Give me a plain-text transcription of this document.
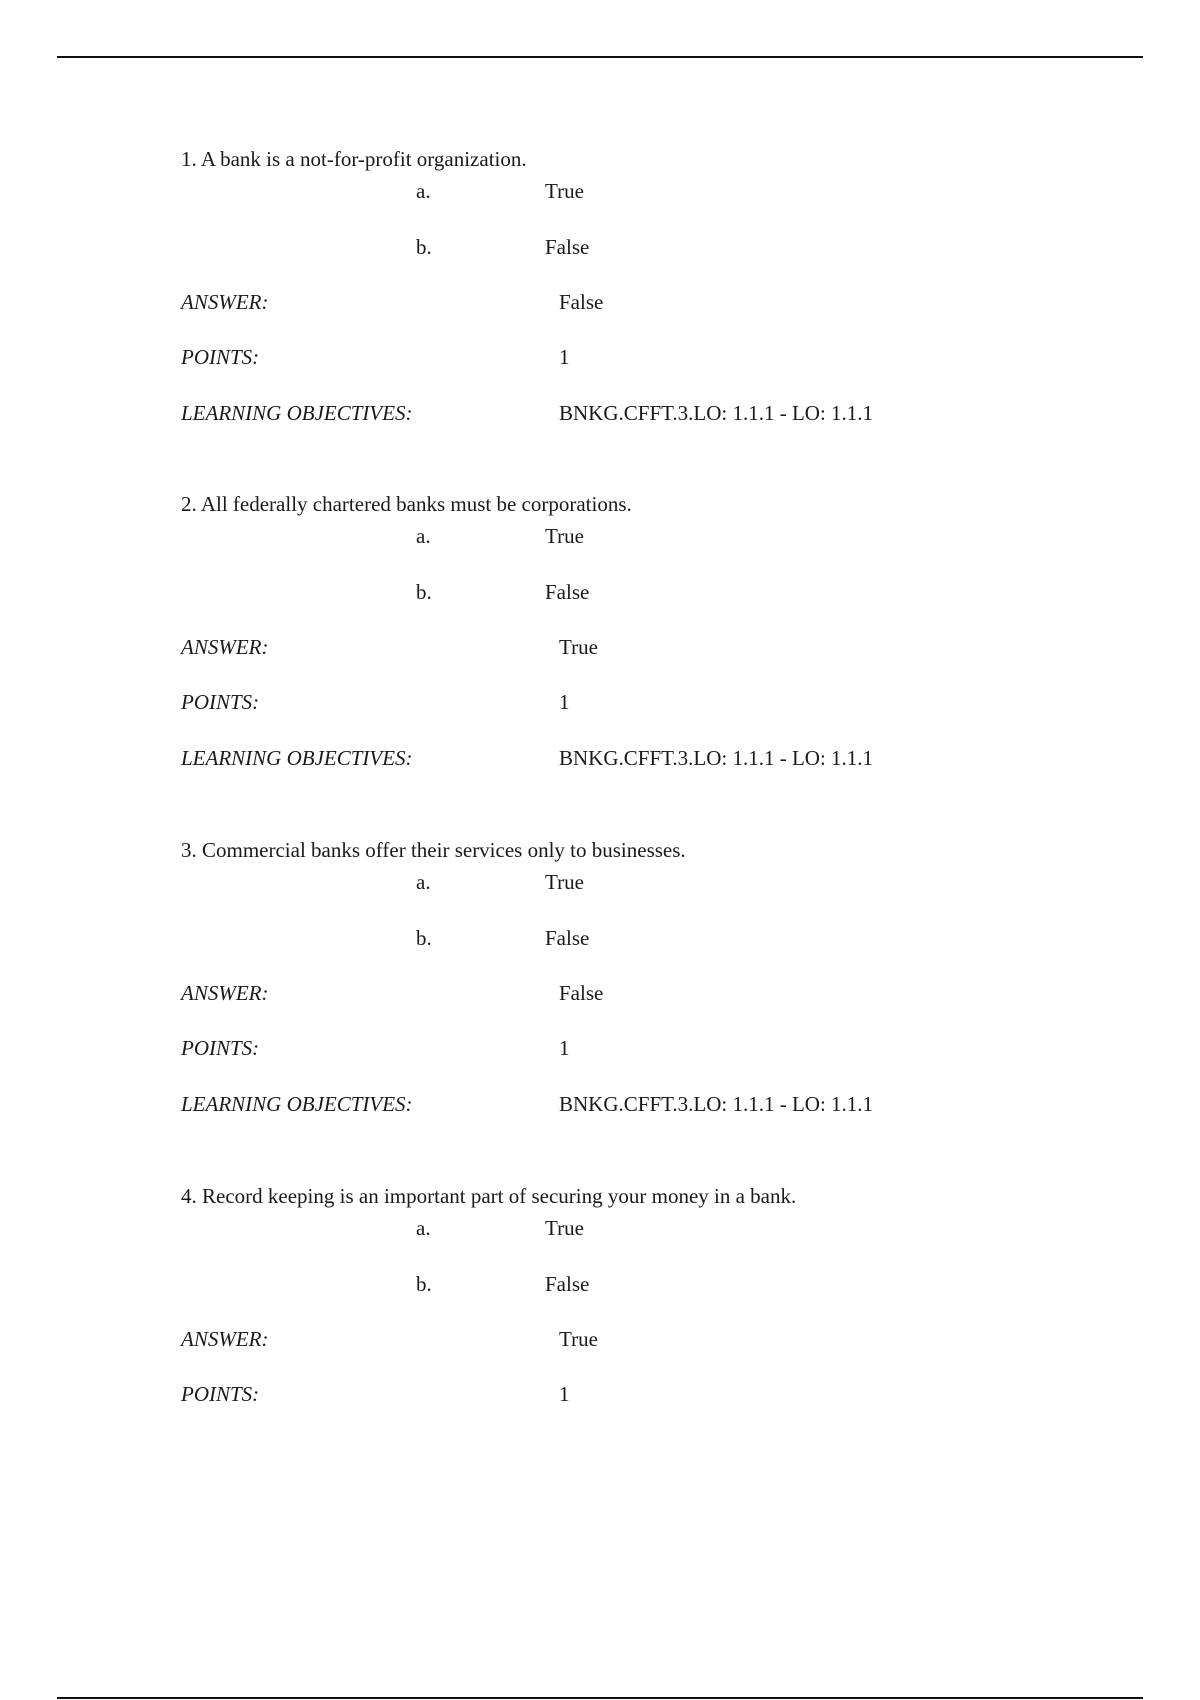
1. A bank is a not-for-profit organization.
a.	True
b.	False
ANSWER:	False
POINTS:	1
LEARNING OBJECTIVES:	BNKG.CFFT.3.LO: 1.1.1 - LO: 1.1.1
2. All federally chartered banks must be corporations.
a.	True
b.	False
ANSWER:	True
POINTS:	1
LEARNING OBJECTIVES:	BNKG.CFFT.3.LO: 1.1.1 - LO: 1.1.1
3. Commercial banks offer their services only to businesses.
a.	True
b.	False
ANSWER:	False
POINTS:	1
LEARNING OBJECTIVES:	BNKG.CFFT.3.LO: 1.1.1 - LO: 1.1.1
4. Record keeping is an important part of securing your money in a bank.
a.	True
b.	False
ANSWER:	True
POINTS:	1
